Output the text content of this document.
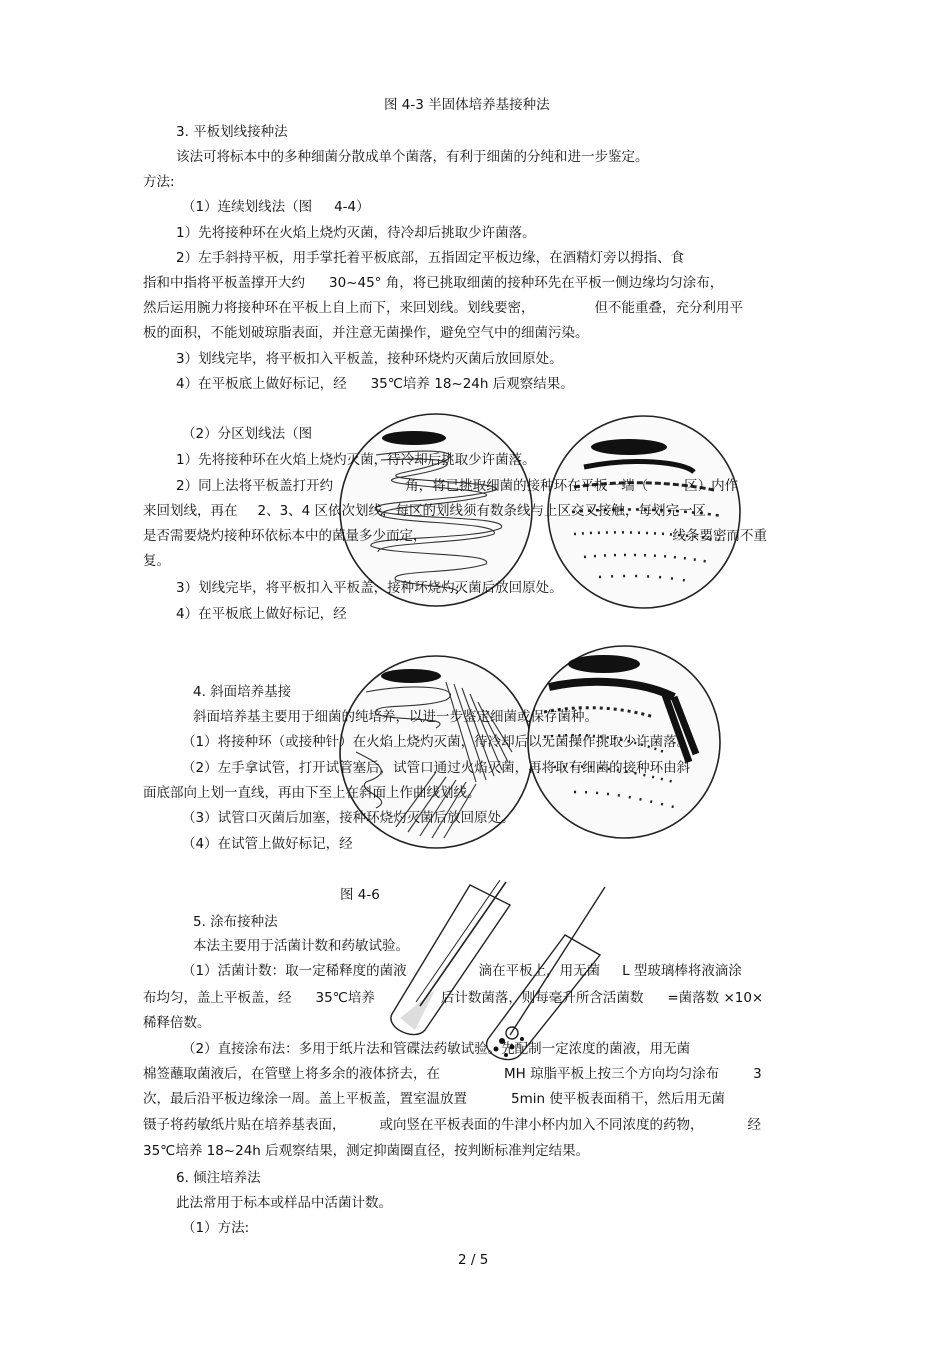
图 4-3 半固体培养基接种法
3. 平板划线接种法
该法可将标本中的多种细菌分散成单个菌落，有利于细菌的分纯和进一步鉴定。
方法:
（1）连续划线法（图 4-4）
1）先将接种环在火焰上烧灼灭菌，待冷却后挑取少许菌落。
2）左手斜持平板，用手掌托着平板底部，五指固定平板边缘，在酒精灯旁以拇指、食
指和中指将平板盖撑开大约 30~45° 角，将已挑取细菌的接种环先在平板一侧边缘均匀涂布，
然后运用腕力将接种环在平板上自上而下，来回划线。划线要密，	但不能重叠，充分利用平
板的面积，不能划破琼脂表面，并注意无菌操作，避免空气中的细菌污染。
3）划线完毕，将平板扣入平板盖，接种环烧灼灭菌后放回原处。
4）在平板底上做好标记，经 35℃培养 18~24h 后观察结果。
（2）分区划线法（图
1）先将接种环在火焰上烧灼灭菌，待冷却后挑取少许菌落。
2）同上法将平板盖打开约	角，将已挑取细菌的接种环在平板一端（	区）内作
来回划线，再在 2、3、4 区依次划线，每区的划线须有数条线与上区交叉接触，每划完一区
是否需要烧灼接种环依标本中的菌量多少而定，	线条要密而不重
复。
3）划线完毕，将平板扣入平板盖，接种环烧灼灭菌后放回原处。
4）在平板底上做好标记，经
4. 斜面培养基接
斜面培养基主要用于细菌的纯培养，以进一步鉴定细菌或保存菌种。
（1）将接种环（或接种针）在火焰上烧灼灭菌，待冷却后以无菌操作挑取少许菌落。
（2）左手拿试管，打开试管塞后，试管口通过火焰灭菌，再将取有细菌的接种环由斜
面底部向上划一直线，再由下至上在斜面上作曲线划线。
（3）试管口灭菌后加塞，接种环烧灼灭菌后放回原处。
（4）在试管上做好标记，经
图 4-6
5. 涂布接种法
本法主要用于活菌计数和药敏试验。
（1）活菌计数：取一定稀释度的菌液	滴在平板上，用无菌 L 型玻璃棒将液滴涂
布均匀，盖上平板盖，经 35℃培养	后计数菌落，则每毫升所含活菌数 =菌落数 ×10×
稀释倍数。
（2）直接涂布法：多用于纸片法和管碟法药敏试验。先配制一定浓度的菌液，用无菌
棉签蘸取菌液后，在管壁上将多余的液体挤去，在	MH 琼脂平板上按三个方向均匀涂布	3
次，最后沿平板边缘涂一周。盖上平板盖，置室温放置	5min 使平板表面稍干，然后用无菌
镊子将药敏纸片贴在培养基表面，	或向竖在平板表面的牛津小杯内加入不同浓度的药物，	经
35℃培养 18~24h 后观察结果，测定抑菌圈直径，按判断标准判定结果。
6. 倾注培养法
此法常用于标本或样品中活菌计数。
（1）方法:
2 / 5
